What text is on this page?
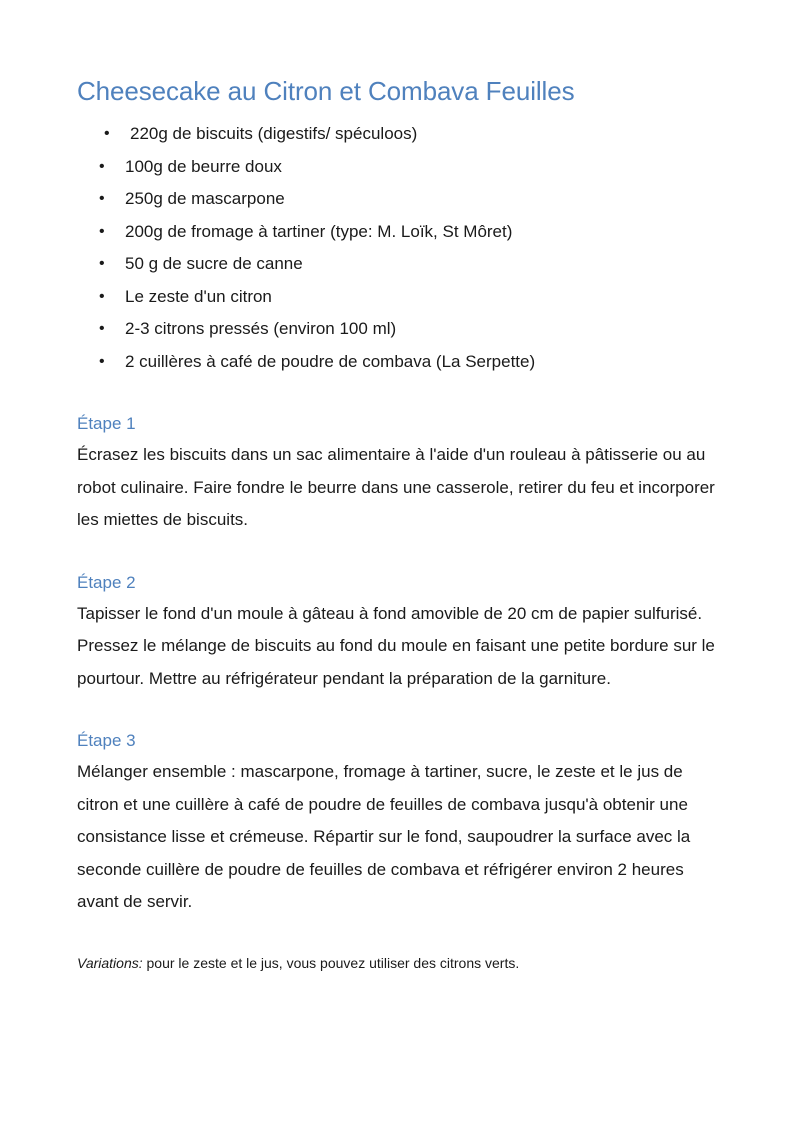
Cheesecake au Citron et Combava Feuilles
• 220g de biscuits (digestifs/ spéculoos)
• 100g de beurre doux
• 250g de mascarpone
• 200g de fromage à tartiner (type: M. Loïk, St Môret)
• 50 g de sucre de canne
• Le zeste d'un citron
• 2-3 citrons pressés (environ 100 ml)
• 2 cuillères à café de poudre de combava (La Serpette)
Étape 1

Écrasez les biscuits dans un sac alimentaire à l'aide d'un rouleau à pâtisserie ou au robot culinaire. Faire fondre le beurre dans une casserole, retirer du feu et incorporer les miettes de biscuits.

Étape 2

Tapisser le fond d'un moule à gâteau à fond amovible de 20 cm de papier sulfurisé. Pressez le mélange de biscuits au fond du moule en faisant une petite bordure sur le pourtour. Mettre au réfrigérateur pendant la préparation de la garniture.

Étape 3

Mélanger ensemble : mascarpone, fromage à tartiner, sucre, le zeste et le jus de citron et une cuillère à café de poudre de feuilles de combava jusqu'à obtenir une consistance lisse et crémeuse. Répartir sur le fond, saupoudrer la surface avec la seconde cuillère de poudre de feuilles de combava et réfrigérer environ 2 heures avant de servir.

Variations: pour le zeste et le jus, vous pouvez utiliser des citrons verts.
